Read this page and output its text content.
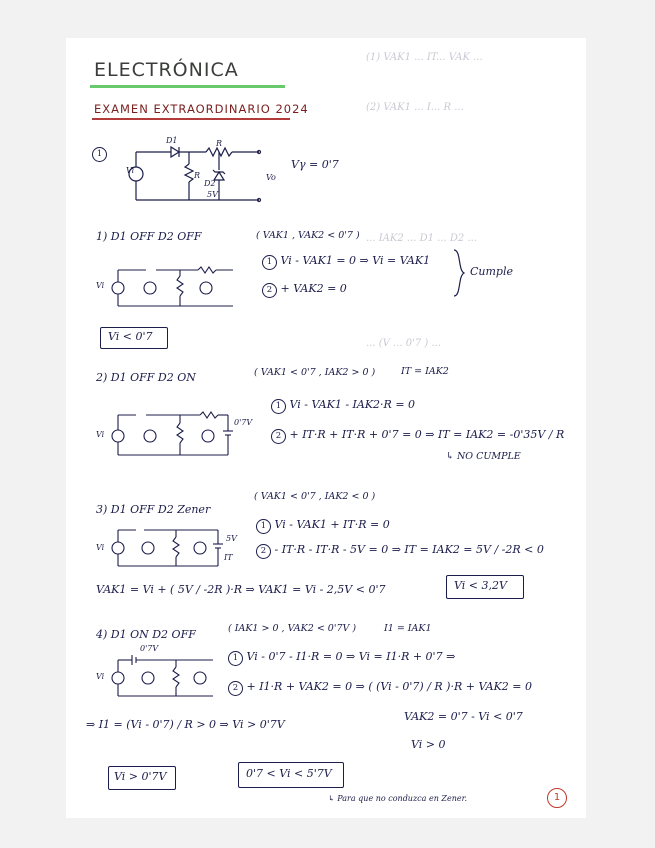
ELECTRÓNICA
EXAMEN EXTRAORDINARIO 2024
(1) VAK1 ... IT... VAK ...
(2) VAK1 ... I... R ...
... IAK2 ... D1 ... D2 ...
... (V ... 0'7 ) ...
1
Vi
D1	R
R
D2
5V
Vo
Vγ = 0'7
1) D1 OFF D2 OFF	( VAK1 , VAK2 < 0'7 )
Vi
1 Vi - VAK1 = 0 ⇒ Vi = VAK1
2 + VAK2 = 0
Cumple
Vi < 0'7
2) D1 OFF D2 ON	( VAK1 < 0'7 , IAK2 > 0 )	IT = IAK2
Vi
0'7V
1 Vi - VAK1 - IAK2·R = 0
2 + IT·R + IT·R + 0'7 = 0 ⇒ IT = IAK2 = -0'35V / R
↳ NO CUMPLE
3) D1 OFF D2 Zener
( VAK1 < 0'7 , IAK2 < 0 )
Vi
5V
IT
1 Vi - VAK1 + IT·R = 0
2 - IT·R - IT·R - 5V = 0 ⇒ IT = IAK2 = 5V / -2R < 0
VAK1 = Vi + ( 5V / -2R )·R ⇒ VAK1 = Vi - 2,5V < 0'7	Vi < 3,2V
4) D1 ON D2 OFF	( IAK1 > 0 , VAK2 < 0'7V )	I1 = IAK1
Vi
0'7V
1 Vi - 0'7 - I1·R = 0 ⇒ Vi = I1·R + 0'7 ⇒
2 + I1·R + VAK2 = 0 ⇒ ( (Vi - 0'7) / R )·R + VAK2 = 0
VAK2 = 0'7 - Vi < 0'7
Vi > 0
⇒ I1 = (Vi - 0'7) / R > 0 ⇒ Vi > 0'7V
Vi > 0'7V	0'7 < Vi < 5'7V
↳ Para que no conduzca en Zener.	1
